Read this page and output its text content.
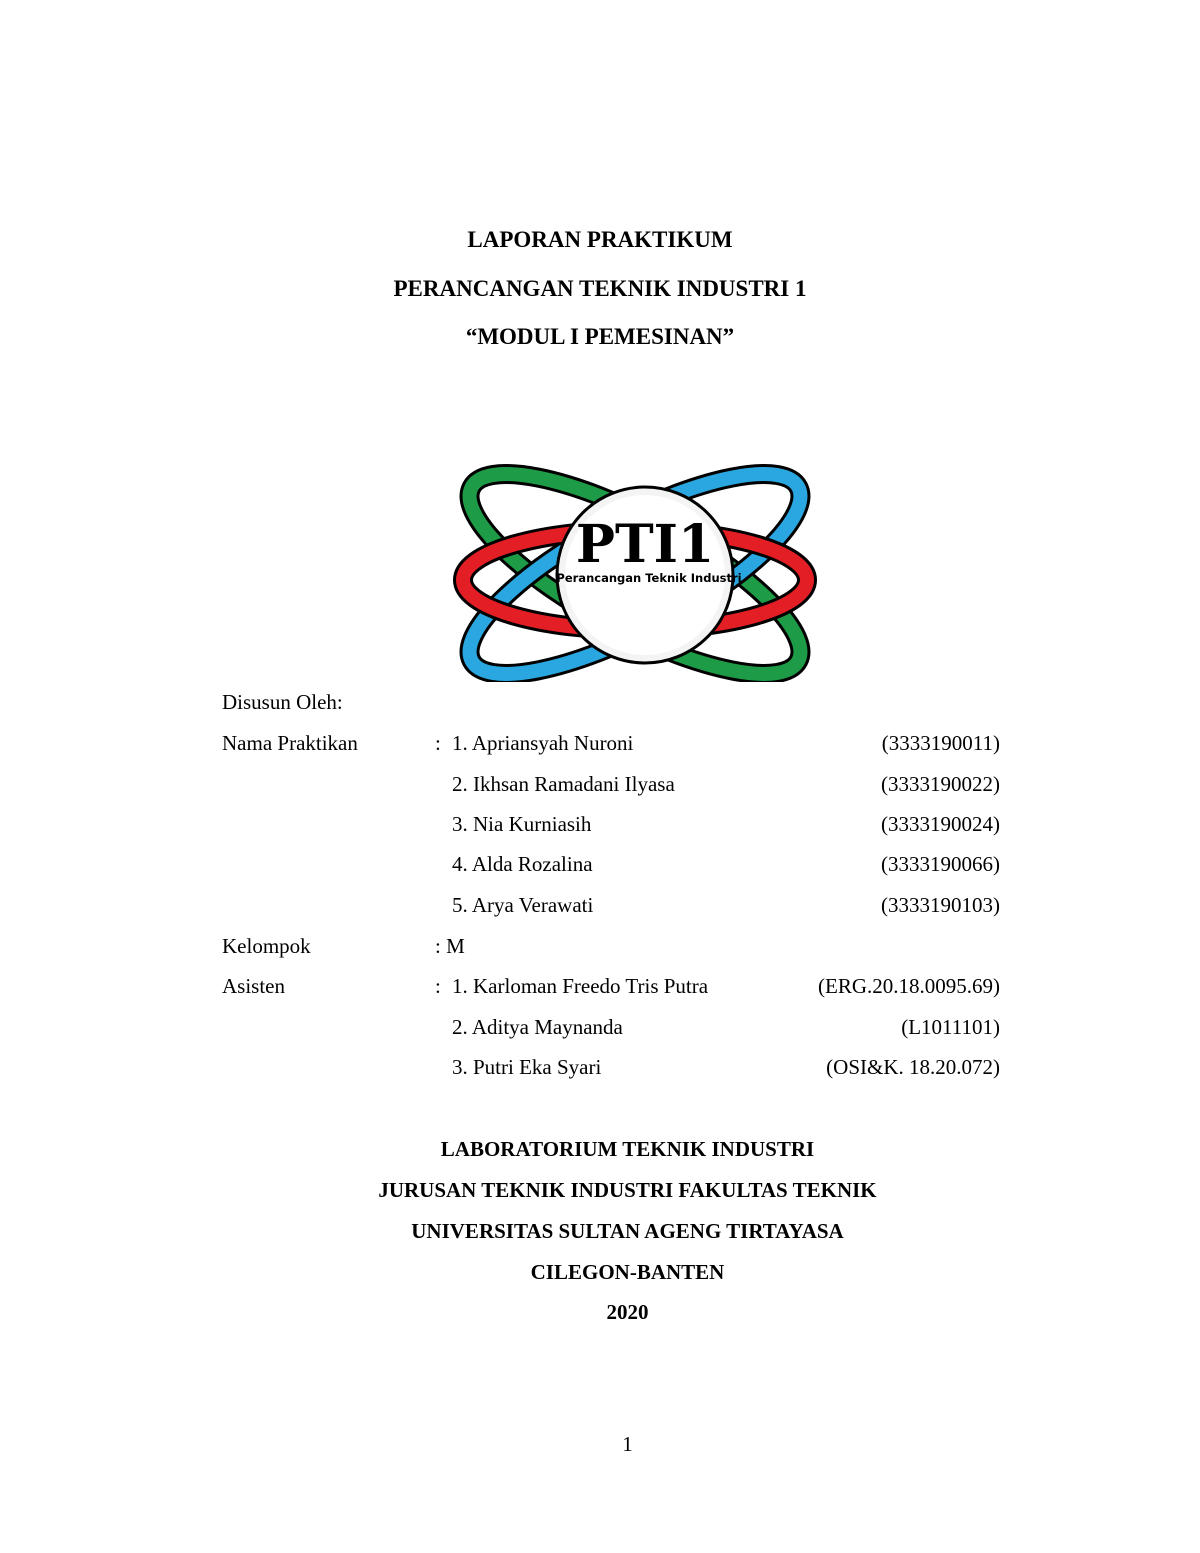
LAPORAN PRAKTIKUM
PERANCANGAN TEKNIK INDUSTRI 1
“MODUL I PEMESINAN”
PTI1
Perancangan Teknik Industri
Disusun Oleh:
Nama Praktikan	: 1. Apriansyah Nuroni	(3333190011)
2. Ikhsan Ramadani Ilyasa	(3333190022)
3. Nia Kurniasih	(3333190024)
4. Alda Rozalina	(3333190066)
5. Arya Verawati	(3333190103)
Kelompok	: M
Asisten	: 1. Karloman Freedo Tris Putra	(ERG.20.18.0095.69)
2. Aditya Maynanda	(L1011101)
3. Putri Eka Syari	(OSI&K. 18.20.072)
LABORATORIUM TEKNIK INDUSTRI
JURUSAN TEKNIK INDUSTRI FAKULTAS TEKNIK
UNIVERSITAS SULTAN AGENG TIRTAYASA
CILEGON-BANTEN
2020
1
